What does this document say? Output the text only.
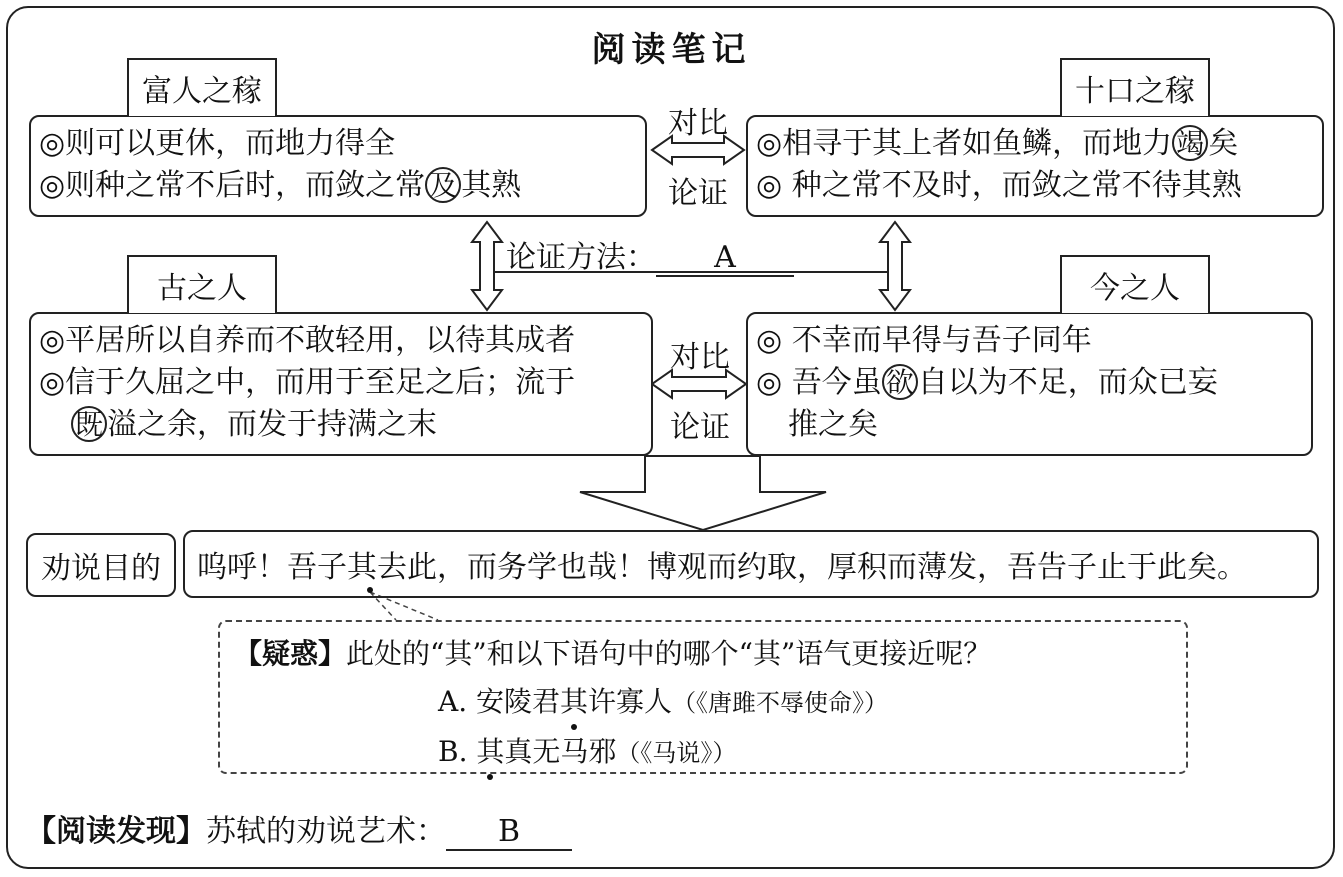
阅读笔记
富人之稼
◎则可以更休，而地力得全
◎则种之常不后时，而敛之常 及 其熟
十口之稼
◎相寻于其上者如鱼鳞，而地力 竭 矣
◎ 种之常不及时，而敛之常不待其熟
对比
论证
论证方法： A
古之人
◎平居所以自养而不敢轻用，以待其成者
◎信于久屈之中，而用于至足之后；流于
既 溢之余，而发于持满之末
今之人
◎ 不幸而早得与吾子同年
◎ 吾今虽 欲 自以为不足，而众已妄
推之矣
对比
论证
劝说目的	呜呼！吾子其去此，而务学也哉！博观而约取，厚积而薄发，吾告子止于此矣。
【疑惑】此处的“其”和以下语句中的哪个“其”语气更接近呢？
A. 安陵君其许寡人（《唐雎不辱使命》）
B. 其真无马邪（《马说》）
【阅读发现】苏轼的劝说艺术： B
